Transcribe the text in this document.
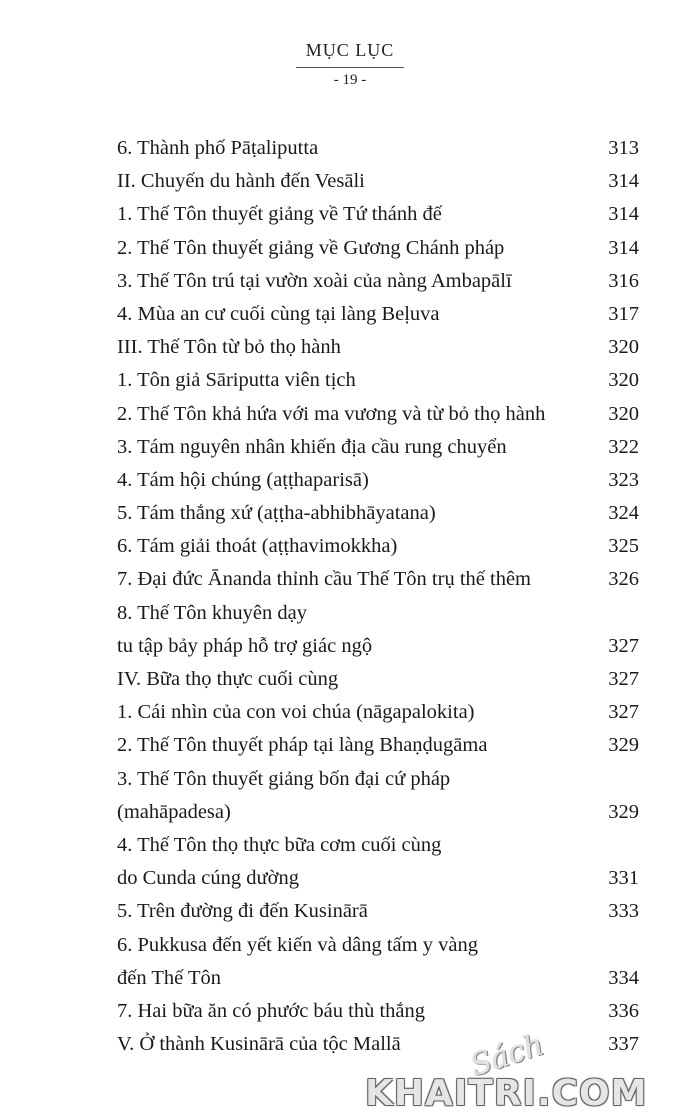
MỤC LỤC
- 19 -
6. Thành phố Pāṭaliputta	313
II. Chuyến du hành đến Vesāli	314
1. Thế Tôn thuyết giảng về Tứ thánh đế	314
2. Thế Tôn thuyết giảng về Gương Chánh pháp	314
3. Thế Tôn trú tại vườn xoài của nàng Ambapālī	316
4. Mùa an cư cuối cùng tại làng Beḷuva	317
III. Thế Tôn từ bỏ thọ hành	320
1. Tôn giả Sāriputta viên tịch	320
2. Thế Tôn khả hứa với ma vương và từ bỏ thọ hành	320
3. Tám nguyên nhân khiến địa cầu rung chuyển	322
4. Tám hội chúng (aṭṭhaparisā)	323
5. Tám thắng xứ (aṭṭha-abhibhāyatana)	324
6. Tám giải thoát (aṭṭhavimokkha)	325
7. Đại đức Ānanda thỉnh cầu Thế Tôn trụ thế thêm	326
8. Thế Tôn khuyên dạy
tu tập bảy pháp hỗ trợ giác ngộ	327
IV. Bữa thọ thực cuối cùng	327
1. Cái nhìn của con voi chúa (nāgapalokita)	327
2. Thế Tôn thuyết pháp tại làng Bhaṇḍugāma	329
3. Thế Tôn thuyết giảng bốn đại cứ pháp
(mahāpadesa)	329
4. Thế Tôn thọ thực bữa cơm cuối cùng
do Cunda cúng dường	331
5. Trên đường đi đến Kusinārā	333
6. Pukkusa đến yết kiến và dâng tấm y vàng
đến Thế Tôn	334
7. Hai bữa ăn có phước báu thù thắng	336
V. Ở thành Kusinārā của tộc Mallā	337
Sách
KHAITRI.COM
